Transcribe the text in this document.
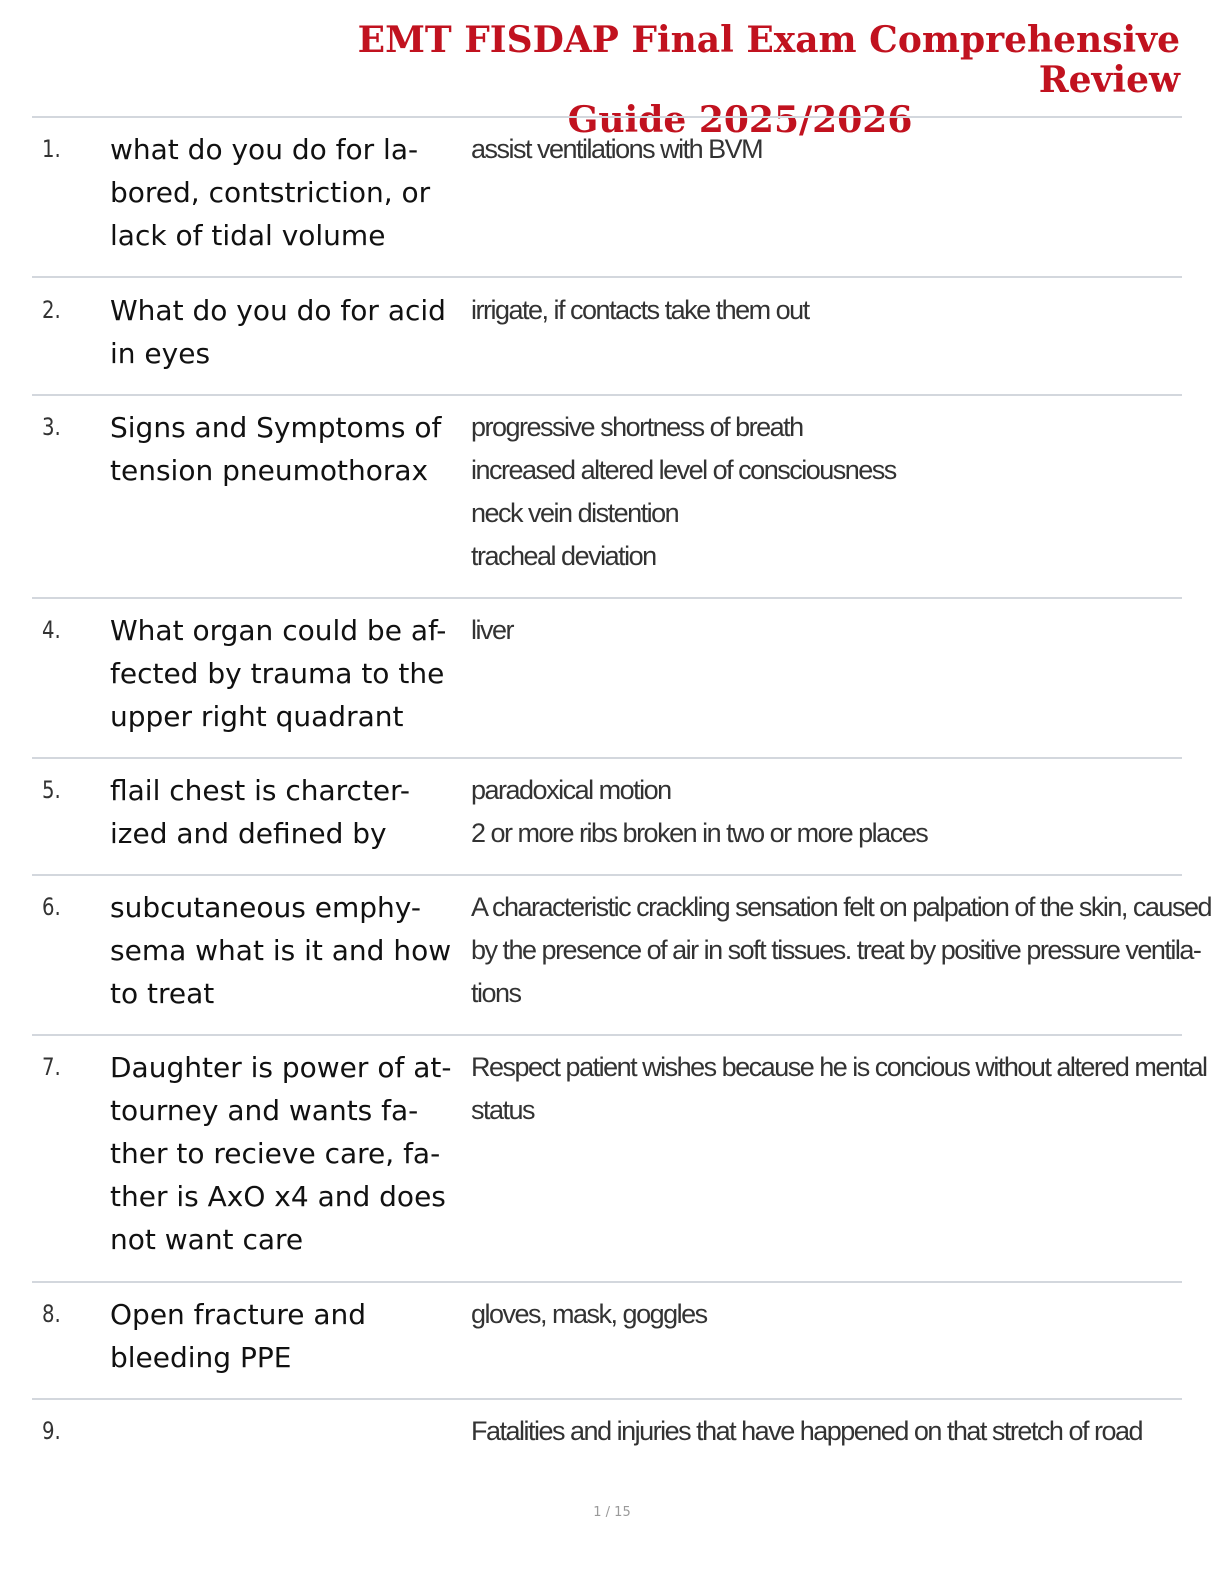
EMT FISDAP Final Exam Comprehensive Review
Guide 2025/2026
1. what do you do for la-
bored, contstriction, or
lack of tidal volume
assist ventilations with BVM
2. What do you do for acid
in eyes
irrigate, if contacts take them out
3. Signs and Symptoms of
tension pneumothorax
progressive shortness of breath
increased altered level of consciousness
neck vein distention
tracheal deviation
4. What organ could be af-
fected by trauma to the
upper right quadrant
liver
5. flail chest is charcter-
ized and defined by
paradoxical motion
2 or more ribs broken in two or more places
6. subcutaneous emphy-
sema what is it and how
to treat
A characteristic crackling sensation felt on palpation of the skin, caused
by the presence of air in soft tissues. treat by positive pressure ventila-
tions
7. Daughter is power of at-
tourney and wants fa-
ther to recieve care, fa-
ther is AxO x4 and does
not want care
Respect patient wishes because he is concious without altered mental
status
8. Open fracture and
bleeding PPE
gloves, mask, goggles
9.	Fatalities and injuries that have happened on that stretch of road
1 / 15
